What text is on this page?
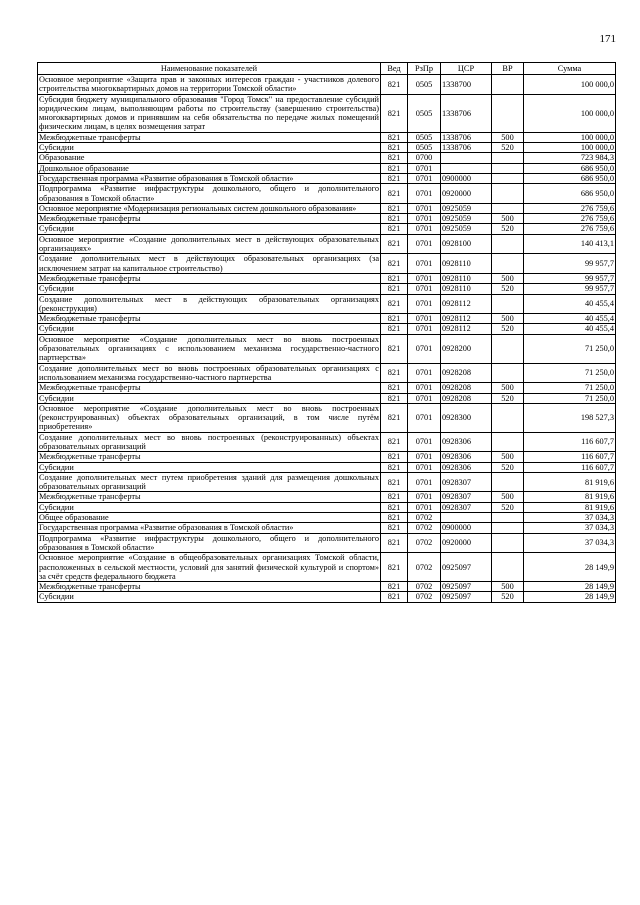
171
Наименование показателей	Вед	РзПр	ЦСР	ВР	Сумма
Основное мероприятие «Защита прав и законных интересов граждан - участников долевого строительства многоквартирных домов на территории Томской области»	821	0505	1338700		100 000,0
Субсидия бюджету муниципального образования "Город Томск" на предоставление субсидий юридическим лицам, выполняющим работы по строительству (завершению строительства) многоквартирных домов и принявшим на себя обязательства по передаче жилых помещений физическим лицам, в целях возмещения затрат	821	0505	1338706		100 000,0
Межбюджетные трансферты	821	0505	1338706	500	100 000,0
Субсидии	821	0505	1338706	520	100 000,0
Образование	821	0700			723 984,3
Дошкольное образование	821	0701			686 950,0
Государственная программа «Развитие образования в Томской области»	821	0701	0900000		686 950,0
Подпрограмма «Развитие инфраструктуры дошкольного, общего и дополнительного образования в Томской области»	821	0701	0920000		686 950,0
Основное мероприятие «Модернизация региональных систем дошкольного образования»	821	0701	0925059		276 759,6
Межбюджетные трансферты	821	0701	0925059	500	276 759,6
Субсидии	821	0701	0925059	520	276 759,6
Основное мероприятие «Создание дополнительных мест в действующих образовательных организациях»	821	0701	0928100		140 413,1
Создание дополнительных мест в действующих образовательных организациях (за исключением затрат на капитальное строительство)	821	0701	0928110		99 957,7
Межбюджетные трансферты	821	0701	0928110	500	99 957,7
Субсидии	821	0701	0928110	520	99 957,7
Создание дополнительных мест в действующих образовательных организациях (реконструкция)	821	0701	0928112		40 455,4
Межбюджетные трансферты	821	0701	0928112	500	40 455,4
Субсидии	821	0701	0928112	520	40 455,4
Основное мероприятие «Создание дополнительных мест во вновь построенных образовательных организациях с использованием механизма государственно-частного партнерства»	821	0701	0928200		71 250,0
Создание дополнительных мест во вновь построенных образовательных организациях с использованием механизма государственно-частного партнерства	821	0701	0928208		71 250,0
Межбюджетные трансферты	821	0701	0928208	500	71 250,0
Субсидии	821	0701	0928208	520	71 250,0
Основное мероприятие «Создание дополнительных мест во вновь построенных (реконструированных) объектах образовательных организаций, в том числе путём приобретения»	821	0701	0928300		198 527,3
Создание дополнительных мест во вновь построенных (реконструированных) объектах образовательных организаций	821	0701	0928306		116 607,7
Межбюджетные трансферты	821	0701	0928306	500	116 607,7
Субсидии	821	0701	0928306	520	116 607,7
Создание дополнительных мест путем приобретения зданий для размещения дошкольных образовательных организаций	821	0701	0928307		81 919,6
Межбюджетные трансферты	821	0701	0928307	500	81 919,6
Субсидии	821	0701	0928307	520	81 919,6
Общее образование	821	0702			37 034,3
Государственная программа «Развитие образования в Томской области»	821	0702	0900000		37 034,3
Подпрограмма «Развитие инфраструктуры дошкольного, общего и дополнительного образования в Томской области»	821	0702	0920000		37 034,3
Основное мероприятие «Создание в общеобразовательных организациях Томской области, расположенных в сельской местности, условий для занятий физической культурой и спортом» за счёт средств федерального бюджета	821	0702	0925097		28 149,9
Межбюджетные трансферты	821	0702	0925097	500	28 149,9
Субсидии	821	0702	0925097	520	28 149,9
